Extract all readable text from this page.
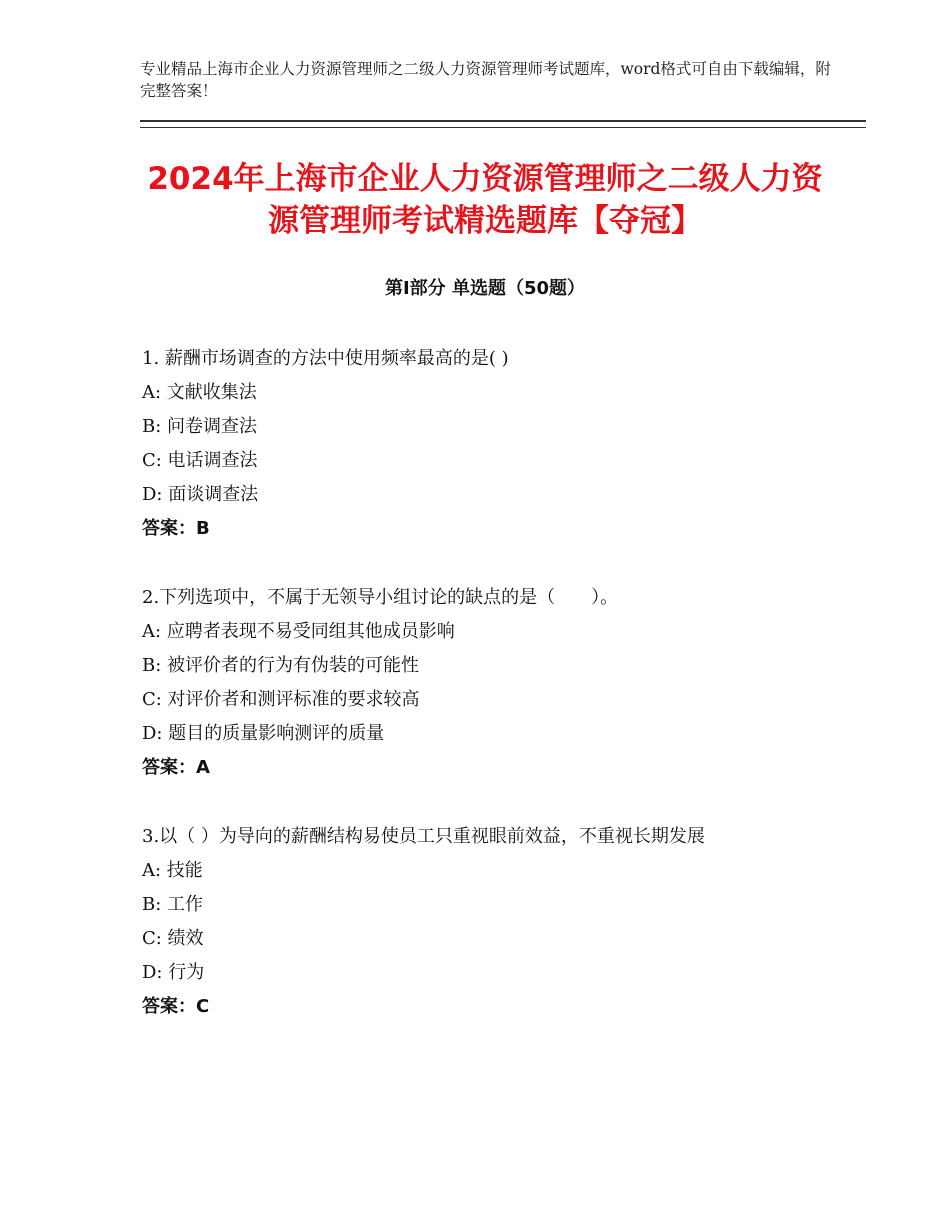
专业精品上海市企业人力资源管理师之二级人力资源管理师考试题库，word格式可自由下载编辑，附完整答案！
2024年上海市企业人力资源管理师之二级人力资源管理师考试精选题库【夺冠】
第Ⅰ部分 单选题（50题）

1. 薪酬市场调查的方法中使用频率最高的是( )

A: 文献收集法

B: 问卷调查法

C: 电话调查法

D: 面谈调查法

答案：B

2.下列选项中，不属于无领导小组讨论的缺点的是（　　）。

A: 应聘者表现不易受同组其他成员影响

B: 被评价者的行为有伪装的可能性

C: 对评价者和测评标准的要求较高

D: 题目的质量影响测评的质量

答案：A

3.以（ ）为导向的薪酬结构易使员工只重视眼前效益，不重视长期发展

A: 技能

B: 工作

C: 绩效

D: 行为

答案：C
